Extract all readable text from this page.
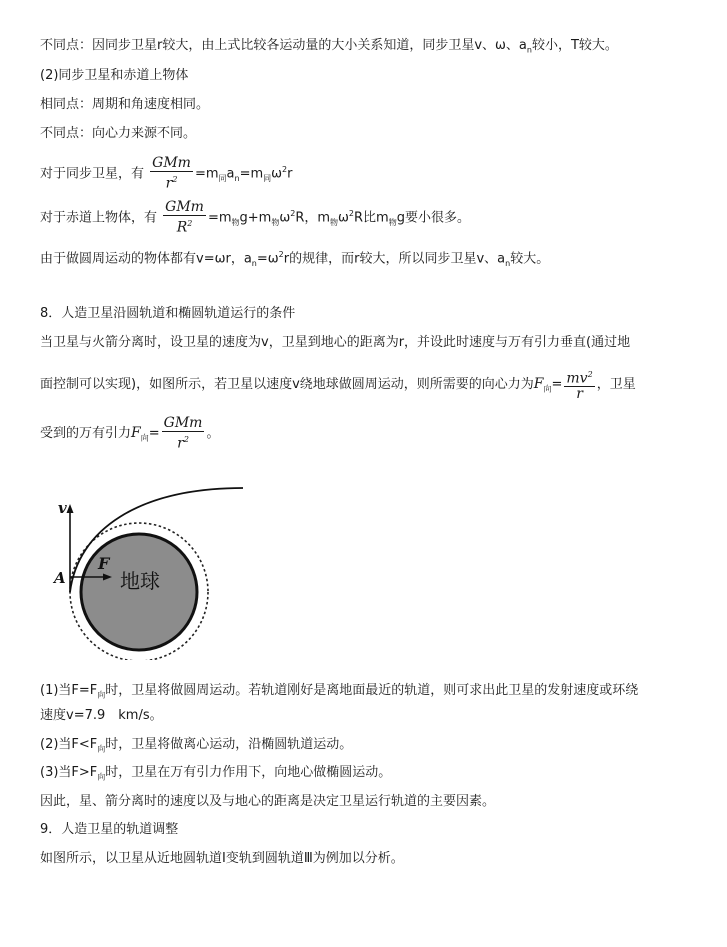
不同点：因同步卫星r较大，由上式比较各运动量的大小关系知道，同步卫星v、ω、$a_n$较小，T较大。
(2)同步卫星和赤道上物体
相同点：周期和角速度相同。
不同点：向心力来源不同。
对于同步卫星，有 $\frac{\text{GMm}}{r^2} =m_同a_n=m_同\omega^2r$
对于赤道上物体，有 $\frac{\text{GMm}}{R^2} =m_物g+m_物\omega^2R$，$m_物\omega^2R$比$m_物g$要小很多。
由于做圆周运动的物体都有v=ωr，$a_n=\omega^2r$的规律，而r较大，所以同步卫星v、$a_n$较大。
8．人造卫星沿圆轨道和椭圆轨道运行的条件
当卫星与火箭分离时，设卫星的速度为v，卫星到地心的距离为r，并设此时速度与万有引力垂直(通过地
面控制可以实现)，如图所示，若卫星以速度v绕地球做圆周运动，则所需要的向心力为$F_向= \frac{mv^2}{r}$ ，卫星
受到的万有引力$F_向= \frac{\text{GMm}}{r^2}$ 。
v
F
A	地球
(1)当$F=F_向$时，卫星将做圆周运动。若轨道刚好是离地面最近的轨道，则可求出此卫星的发射速度或环绕
速度v=7.9　km/s。
(2)当$F<F_向$时，卫星将做离心运动，沿椭圆轨道运动。
(3)当$F>F_向$时，卫星在万有引力作用下，向地心做椭圆运动。
因此，星、箭分离时的速度以及与地心的距离是决定卫星运行轨道的主要因素。
9．人造卫星的轨道调整
如图所示，以卫星从近地圆轨道Ⅰ变轨到圆轨道Ⅲ为例加以分析。
